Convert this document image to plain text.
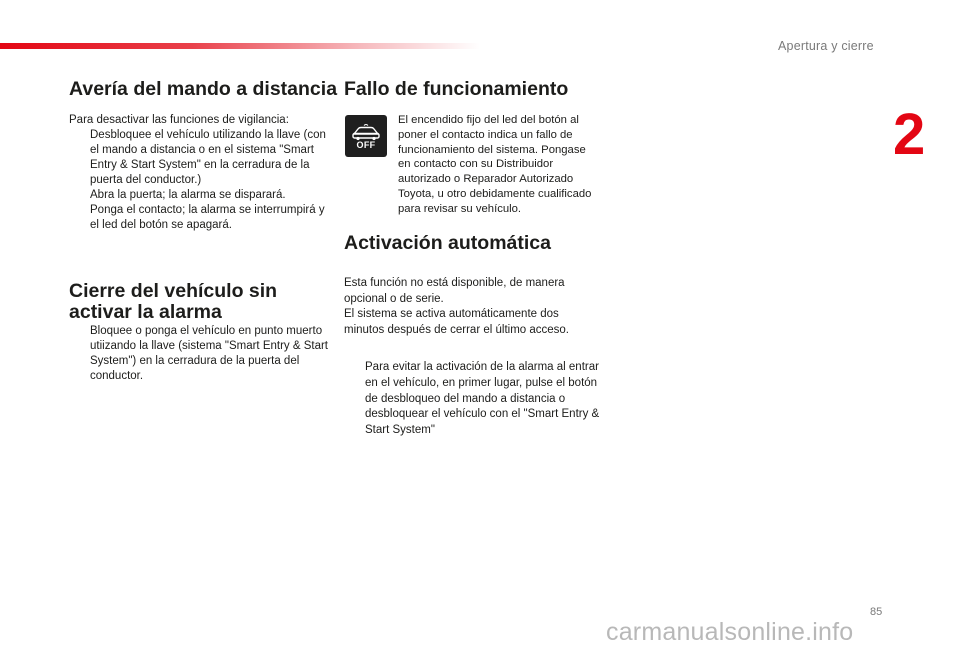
Apertura y cierre
2
Avería del mando a distancia

Para desactivar las funciones de vigilancia:

Desbloquee el vehículo utilizando la llave (con el mando a distancia o en el sistema "Smart Entry & Start System" en la cerradura de la puerta del conductor.)
Abra la puerta; la alarma se disparará.
Ponga el contacto; la alarma se interrumpirá y el led del botón se apagará.
Cierre del vehículo sin activar la alarma
Bloquee o ponga el vehículo en punto muerto utiizando la llave (sistema "Smart Entry & Start System") en la cerradura de la puerta del conductor.
Fallo de funcionamiento
OFF

El encendido fijo del led del botón al poner el contacto indica un fallo de funcionamiento del sistema. Pongase en contacto con su Distribuidor autorizado o Reparador Autorizado Toyota, u otro debidamente cualificado para revisar su vehículo.

Activación automática

Esta función no está disponible, de manera opcional o de serie.

El sistema se activa automáticamente dos minutos después de cerrar el último acceso.

Para evitar la activación de la alarma al entrar en el vehículo, en primer lugar, pulse el botón de desbloqueo del mando a distancia o desbloquear el vehículo con el "Smart Entry & Start System"
85
carmanualsonline.info
